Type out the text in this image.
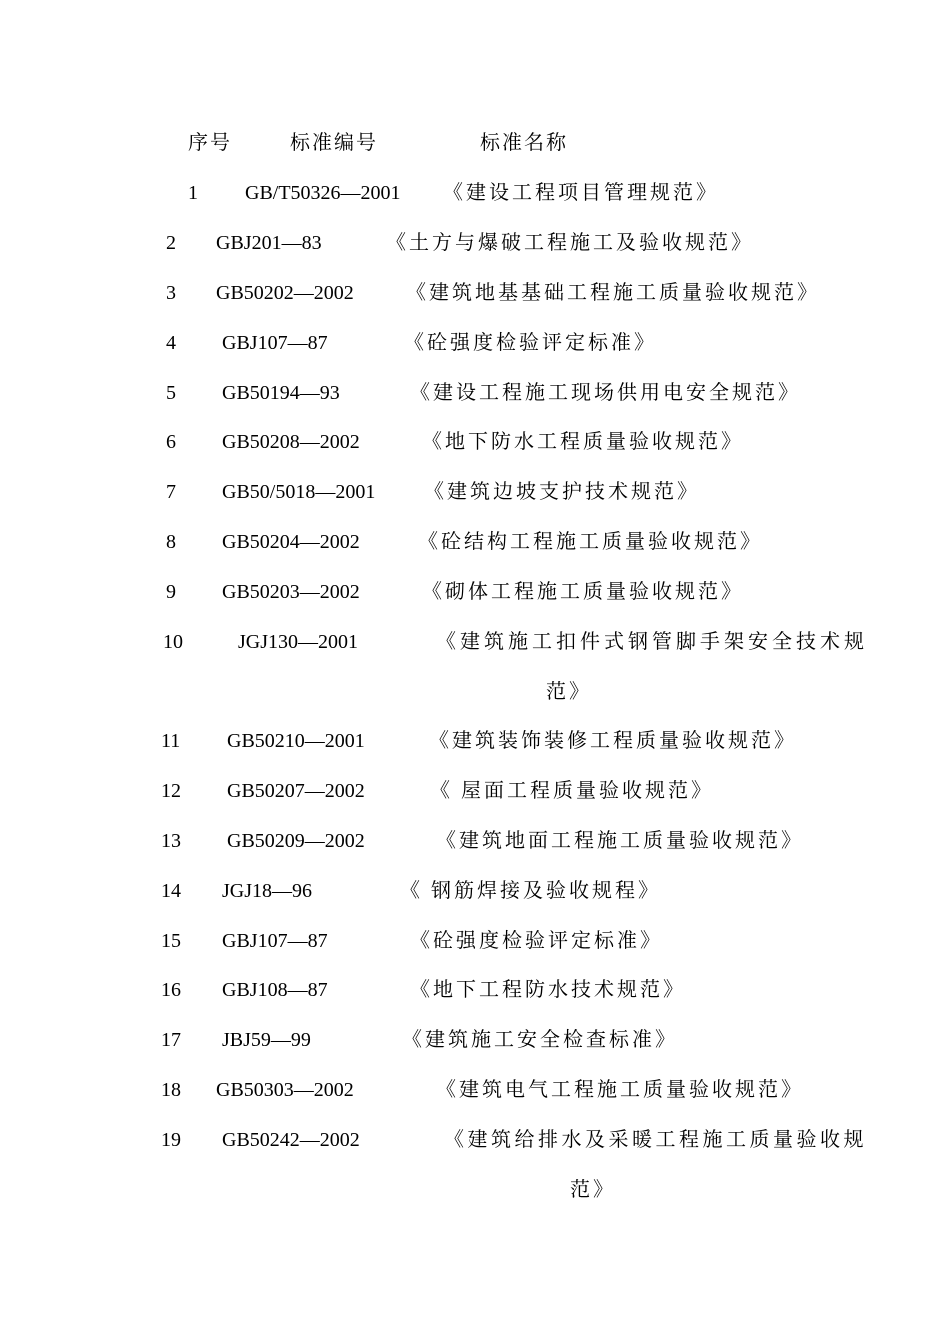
序号	标准编号	标准名称
1 GB/T50326—2001 《建设工程项目管理规范》
2 GBJ201—83	《土方与爆破工程施工及验收规范》
3 GB50202—2002	《建筑地基基础工程施工质量验收规范》
4 GBJ107—87	《砼强度检验评定标准》
5 GB50194—93	《建设工程施工现场供用电安全规范》
6 GB50208—2002	《地下防水工程质量验收规范》
7 GB50/5018—2001 《建筑边坡支护技术规范》
8 GB50204—2002	《砼结构工程施工质量验收规范》
9 GB50203—2002	《砌体工程施工质量验收规范》
10	JGJ130—2001	《建筑施工扣件式钢管脚手架安全技术规
范》
11 GB50210—2001	《建筑装饰装修工程质量验收规范》
12 GB50207—2002	《 屋面工程质量验收规范》
13 GB50209—2002	《建筑地面工程施工质量验收规范》
14 JGJ18—96	《 钢筋焊接及验收规程》
15 GBJ107—87	《砼强度检验评定标准》
16 GBJ108—87	《地下工程防水技术规范》
17 JBJ59—99	《建筑施工安全检查标准》
18 GB50303—2002	《建筑电气工程施工质量验收规范》
19 GB50242—2002	《建筑给排水及采暖工程施工质量验收规
范》
